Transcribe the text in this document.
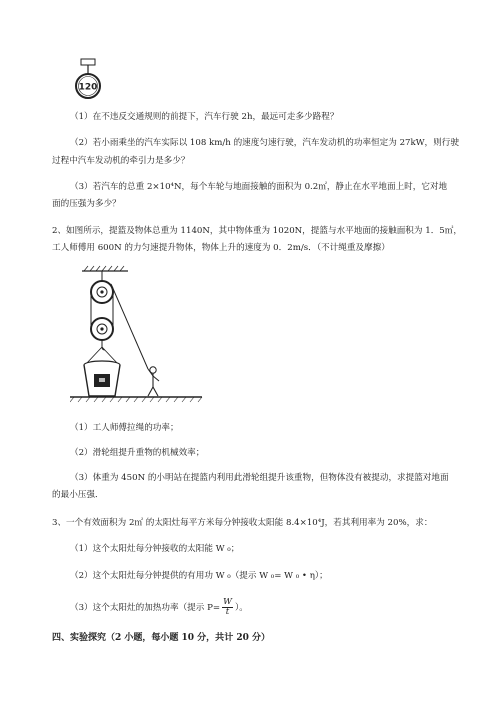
120
（1）在不违反交通规则的前提下，汽车行驶 2h，最远可走多少路程？
（2）若小雨乘坐的汽车实际以 108 km/h 的速度匀速行驶，汽车发动机的功率恒定为 27kW，则行驶
过程中汽车发动机的牵引力是多少？
（3）若汽车的总重 2×10⁴N，每个车轮与地面接触的面积为 0.2㎡，静止在水平地面上时，它对地
面的压强为多少？
2、如图所示，提篮及物体总重为 1140N，其中物体重为 1020N，提篮与水平地面的接触面积为 1．5㎡，
工人师傅用 600N 的力匀速提升物体，物体上升的速度为 0．2m/s．（不计绳重及摩擦）
（1）工人师傅拉绳的功率；
（2）滑轮组提升重物的机械效率；
（3）体重为 450N 的小明站在提篮内利用此滑轮组提升该重物，但物体没有被提动，求提篮对地面
的最小压强．
3、一个有效面积为 2㎡ 的太阳灶每平方米每分钟接收太阳能 8.4×10⁴J，若其利用率为 20%，求：
（1）这个太阳灶每分钟接收的太阳能 W ₀；
（2）这个太阳灶每分钟提供的有用功 W ₀（提示 W ₀= W ₀ • η）；
（3）这个太阳灶的加热功率（提示 $P= \frac{W}{t}$ ）。
四、实验探究（2 小题，每小题 10 分，共计 20 分）
